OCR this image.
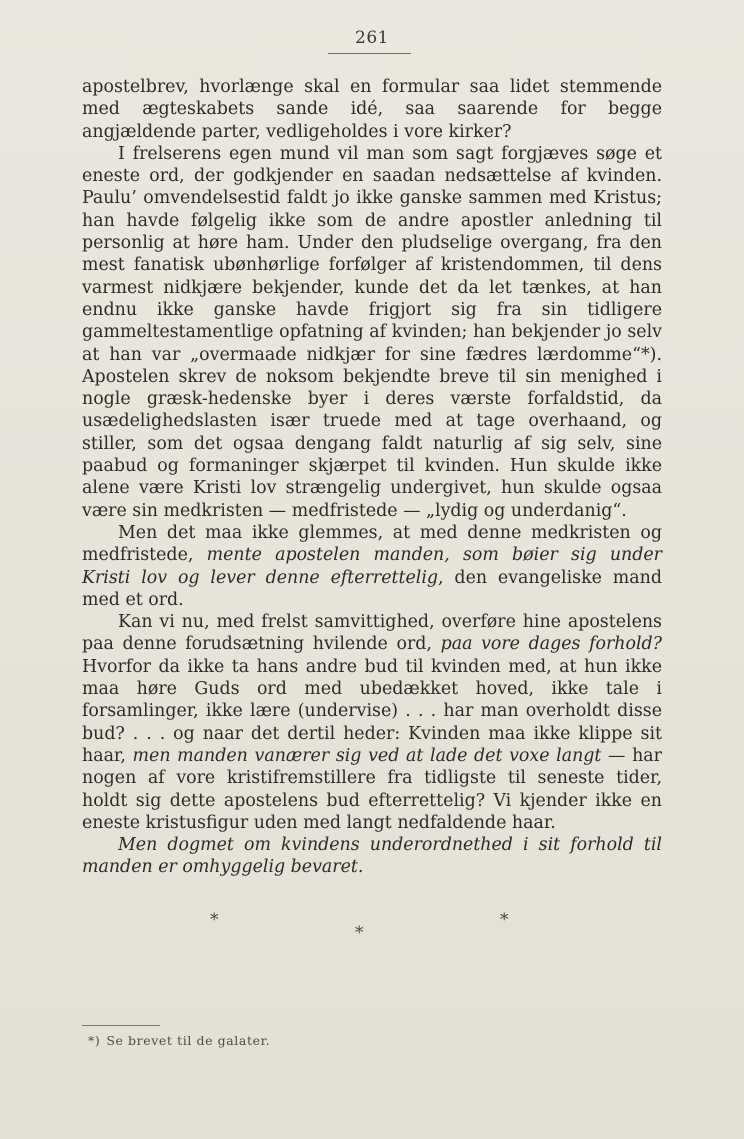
261

apostelbrev, hvorlænge skal en formular saa lidet stemmende med ægteskabets sande idé, saa saarende for begge angjældende parter, vedligeholdes i vore kirker?

I frelserens egen mund vil man som sagt forgjæves søge et eneste ord, der godkjender en saadan nedsættelse af kvinden. Paulu’ omvendelsestid faldt jo ikke ganske sammen med Kristus; han havde følgelig ikke som de andre apostler anledning til personlig at høre ham. Under den pludselige overgang, fra den mest fanatisk ubønhørlige forfølger af kristendommen, til dens varmest nidkjære bekjender, kunde det da let tænkes, at han endnu ikke ganske havde frigjort sig fra sin tidligere gammeltestamentlige opfatning af kvinden; han bekjender jo selv at han var „overmaade nidkjær for sine fædres lærdomme“*). Apostelen skrev de noksom bekjendte breve til sin menighed i nogle græsk-hedenske byer i deres værste forfaldstid, da usædelighedslasten især truede med at tage overhaand, og stiller, som det ogsaa dengang faldt naturlig af sig selv, sine paabud og formaninger skjærpet til kvinden. Hun skulde ikke alene være Kristi lov strængelig undergivet, hun skulde ogsaa være sin medkristen — medfristede — „lydig og underdanig“.

Men det maa ikke glemmes, at med denne medkristen og medfristede, mente apostelen manden, som bøier sig under Kristi lov og lever denne efterrettelig, den evangeliske mand med et ord.

Kan vi nu, med frelst samvittighed, overføre hine apostelens paa denne forudsætning hvilende ord, paa vore dages forhold? Hvorfor da ikke ta hans andre bud til kvinden med, at hun ikke maa høre Guds ord med ubedækket hoved, ikke tale i forsamlinger, ikke lære (undervise) . . . har man overholdt disse bud? . . . og naar det dertil heder: Kvinden maa ikke klippe sit haar, men manden vanærer sig ved at lade det voxe langt — har nogen af vore kristifremstillere fra tidligste til seneste tider, holdt sig dette apostelens bud efterrettelig? Vi kjender ikke en eneste kristusfigur uden med langt nedfaldende haar.

Men dogmet om kvindens underordnethed i sit forhold til manden er omhyggelig bevaret.

*	*
*
*) Se brevet til de galater.
